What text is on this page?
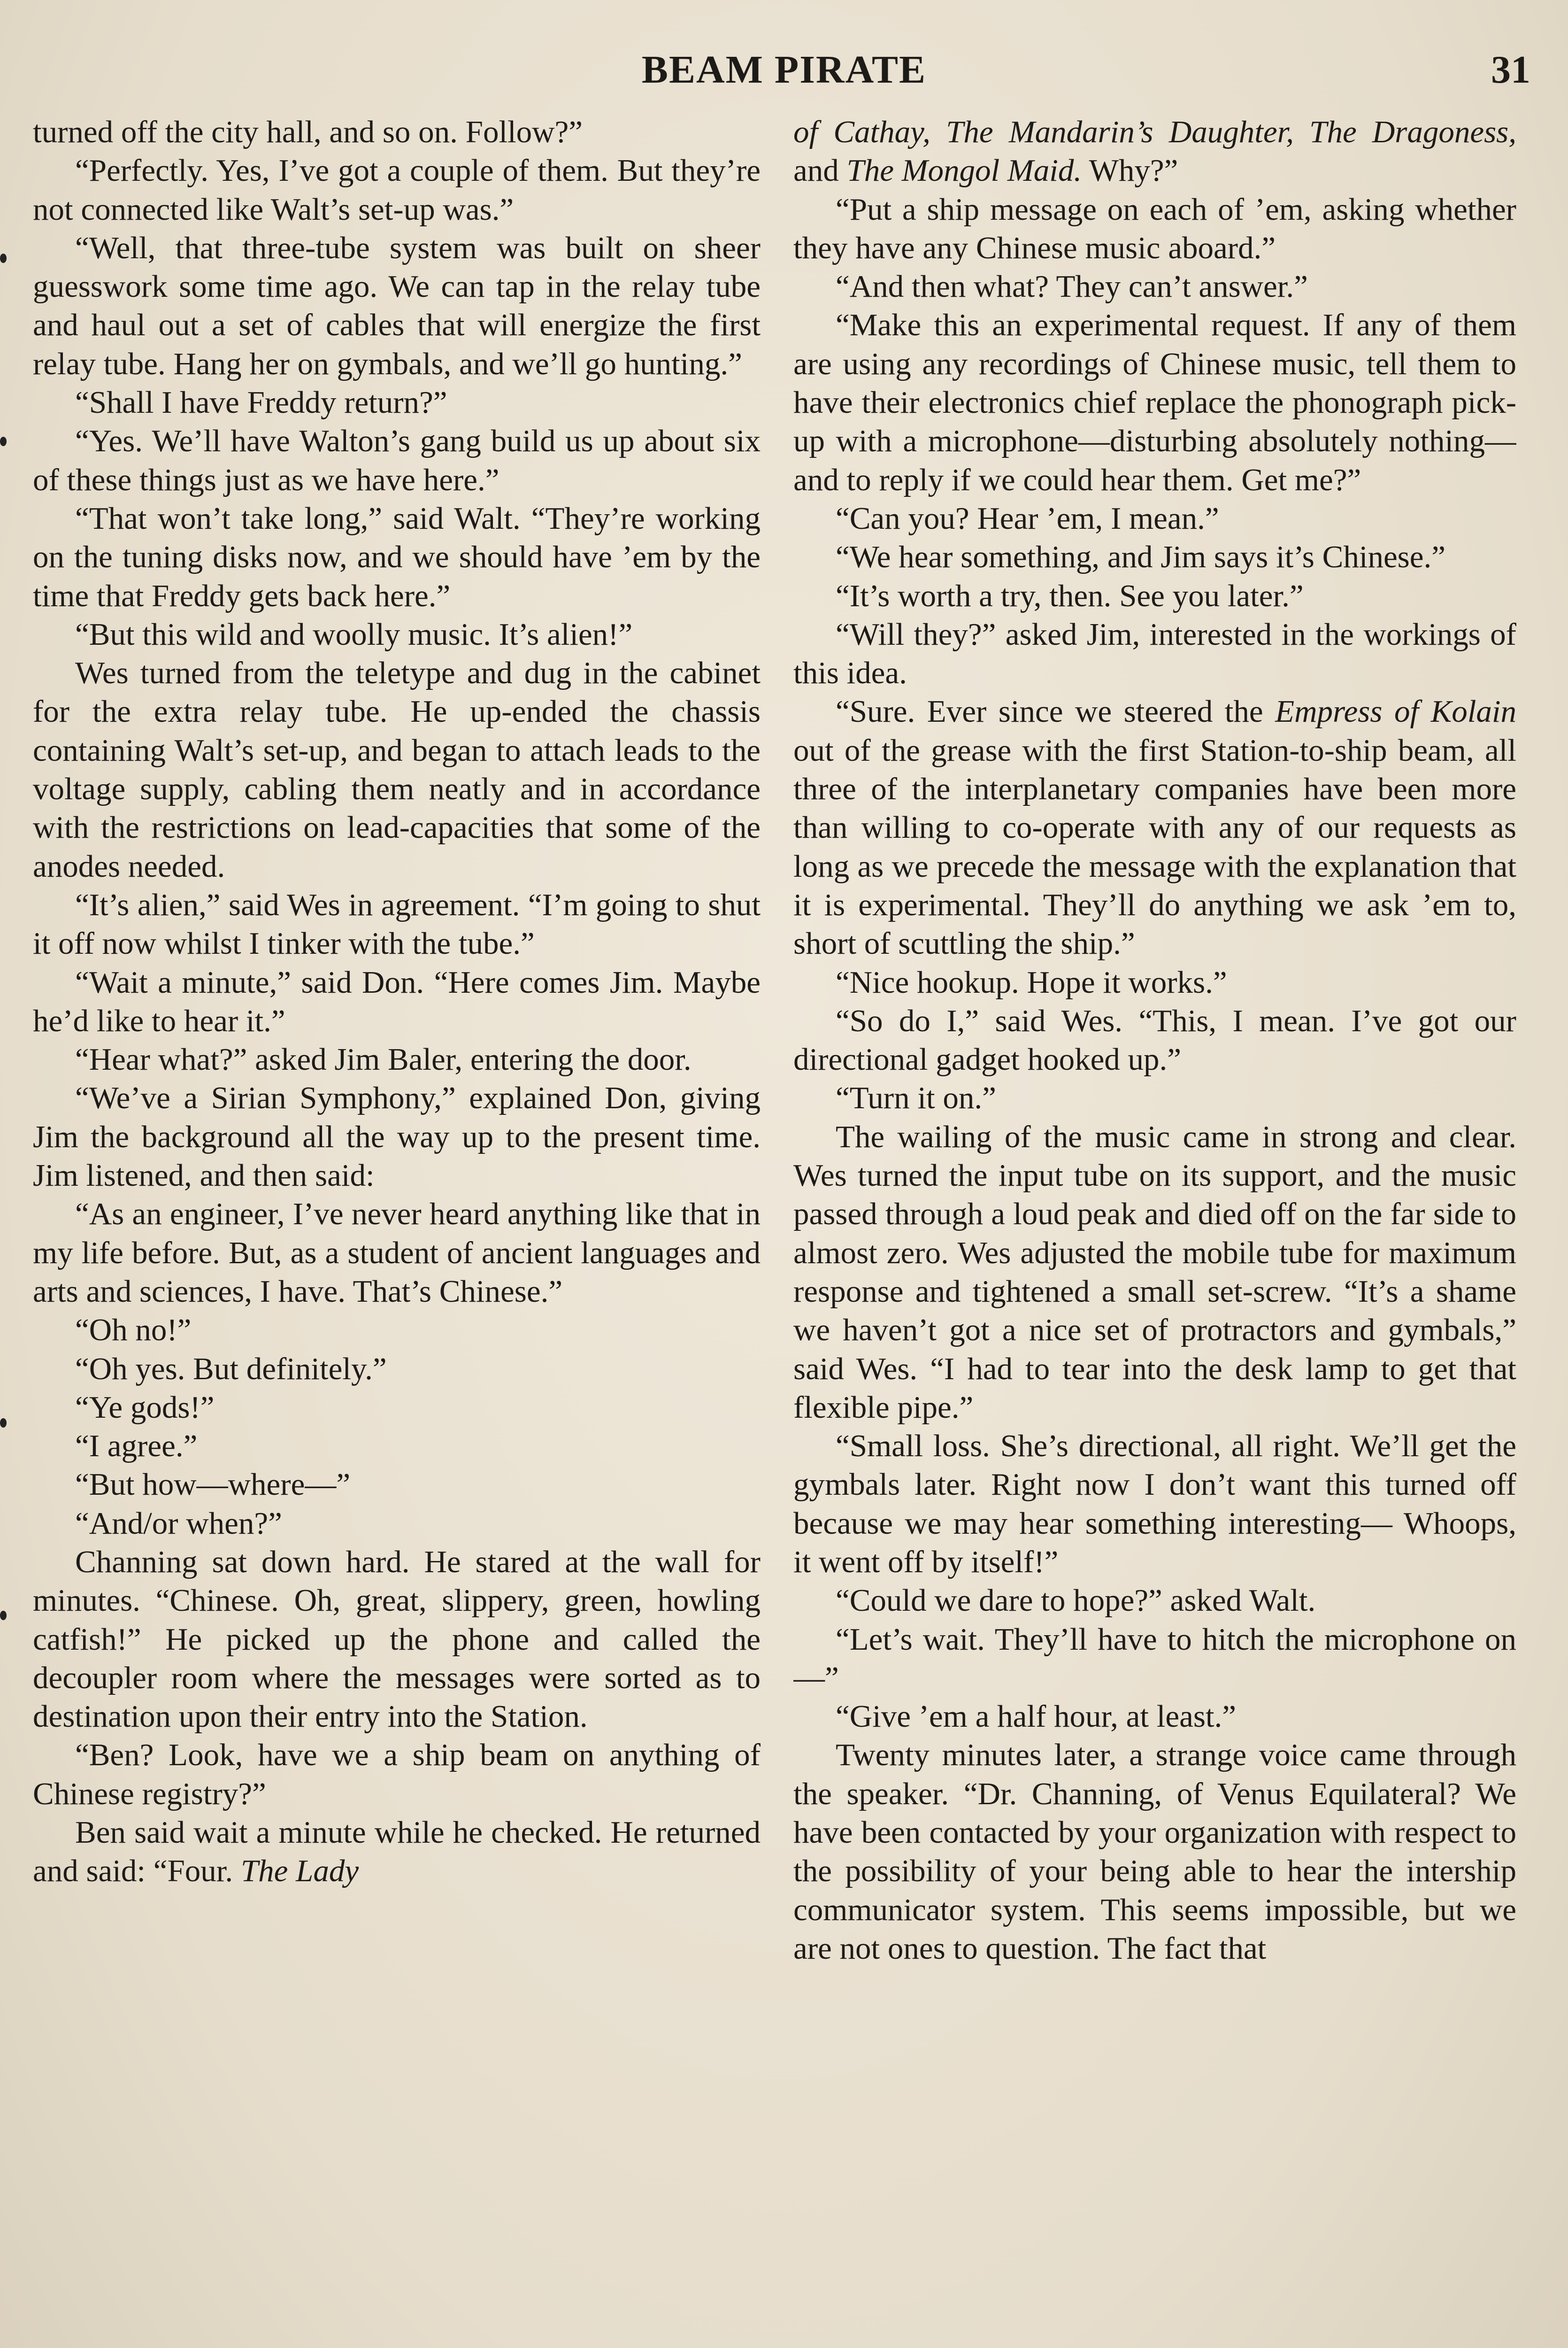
BEAM PIRATE	31

turned off the city hall, and so on. Follow?”

“Perfectly. Yes, I’ve got a couple of them. But they’re not connected like Walt’s set-up was.”

“Well, that three-tube system was built on sheer guesswork some time ago. We can tap in the relay tube and haul out a set of cables that will energize the first relay tube. Hang her on gymbals, and we’ll go hunting.”

“Shall I have Freddy return?”

“Yes. We’ll have Walton’s gang build us up about six of these things just as we have here.”

“That won’t take long,” said Walt. “They’re working on the tuning disks now, and we should have ’em by the time that Freddy gets back here.”

“But this wild and woolly music. It’s alien!”

Wes turned from the teletype and dug in the cabinet for the extra relay tube. He up-ended the chassis containing Walt’s set-up, and began to attach leads to the voltage supply, cabling them neatly and in accordance with the restrictions on lead-capacities that some of the anodes needed.

“It’s alien,” said Wes in agreement. “I’m going to shut it off now whilst I tinker with the tube.”

“Wait a minute,” said Don. “Here comes Jim. Maybe he’d like to hear it.”

“Hear what?” asked Jim Baler, entering the door.

“We’ve a Sirian Symphony,” explained Don, giving Jim the background all the way up to the present time. Jim listened, and then said:

“As an engineer, I’ve never heard anything like that in my life before. But, as a student of ancient languages and arts and sciences, I have. That’s Chinese.”

“Oh no!”

“Oh yes. But definitely.”

“Ye gods!”

“I agree.”

“But how—where—”

“And/or when?”

Channing sat down hard. He stared at the wall for minutes. “Chinese. Oh, great, slippery, green, howling catfish!” He picked up the phone and called the decoupler room where the messages were sorted as to destination upon their entry into the Station.

“Ben? Look, have we a ship beam on anything of Chinese registry?”

Ben said wait a minute while he checked. He returned and said: “Four. The Lady

of Cathay, The Mandarin’s Daughter, The Dragoness, and The Mongol Maid. Why?”

“Put a ship message on each of ’em, asking whether they have any Chinese music aboard.”

“And then what? They can’t answer.”

“Make this an experimental request. If any of them are using any recordings of Chinese music, tell them to have their electronics chief replace the phonograph pick-up with a microphone—disturbing absolutely nothing—and to reply if we could hear them. Get me?”

“Can you? Hear ’em, I mean.”

“We hear something, and Jim says it’s Chinese.”

“It’s worth a try, then. See you later.”

“Will they?” asked Jim, interested in the workings of this idea.

“Sure. Ever since we steered the Empress of Kolain out of the grease with the first Station-to-ship beam, all three of the interplanetary companies have been more than willing to co-operate with any of our requests as long as we precede the message with the explanation that it is experimental. They’ll do anything we ask ’em to, short of scuttling the ship.”

“Nice hookup. Hope it works.”

“So do I,” said Wes. “This, I mean. I’ve got our directional gadget hooked up.”

“Turn it on.”

The wailing of the music came in strong and clear. Wes turned the input tube on its support, and the music passed through a loud peak and died off on the far side to almost zero. Wes adjusted the mobile tube for maximum response and tightened a small set-screw. “It’s a shame we haven’t got a nice set of protractors and gymbals,” said Wes. “I had to tear into the desk lamp to get that flexible pipe.”

“Small loss. She’s directional, all right. We’ll get the gymbals later. Right now I don’t want this turned off because we may hear something interesting— Whoops, it went off by itself!”

“Could we dare to hope?” asked Walt.

“Let’s wait. They’ll have to hitch the microphone on—”

“Give ’em a half hour, at least.”

Twenty minutes later, a strange voice came through the speaker. “Dr. Channing, of Venus Equilateral? We have been contacted by your organization with respect to the possibility of your being able to hear the intership communicator system. This seems impossible, but we are not ones to question. The fact that
